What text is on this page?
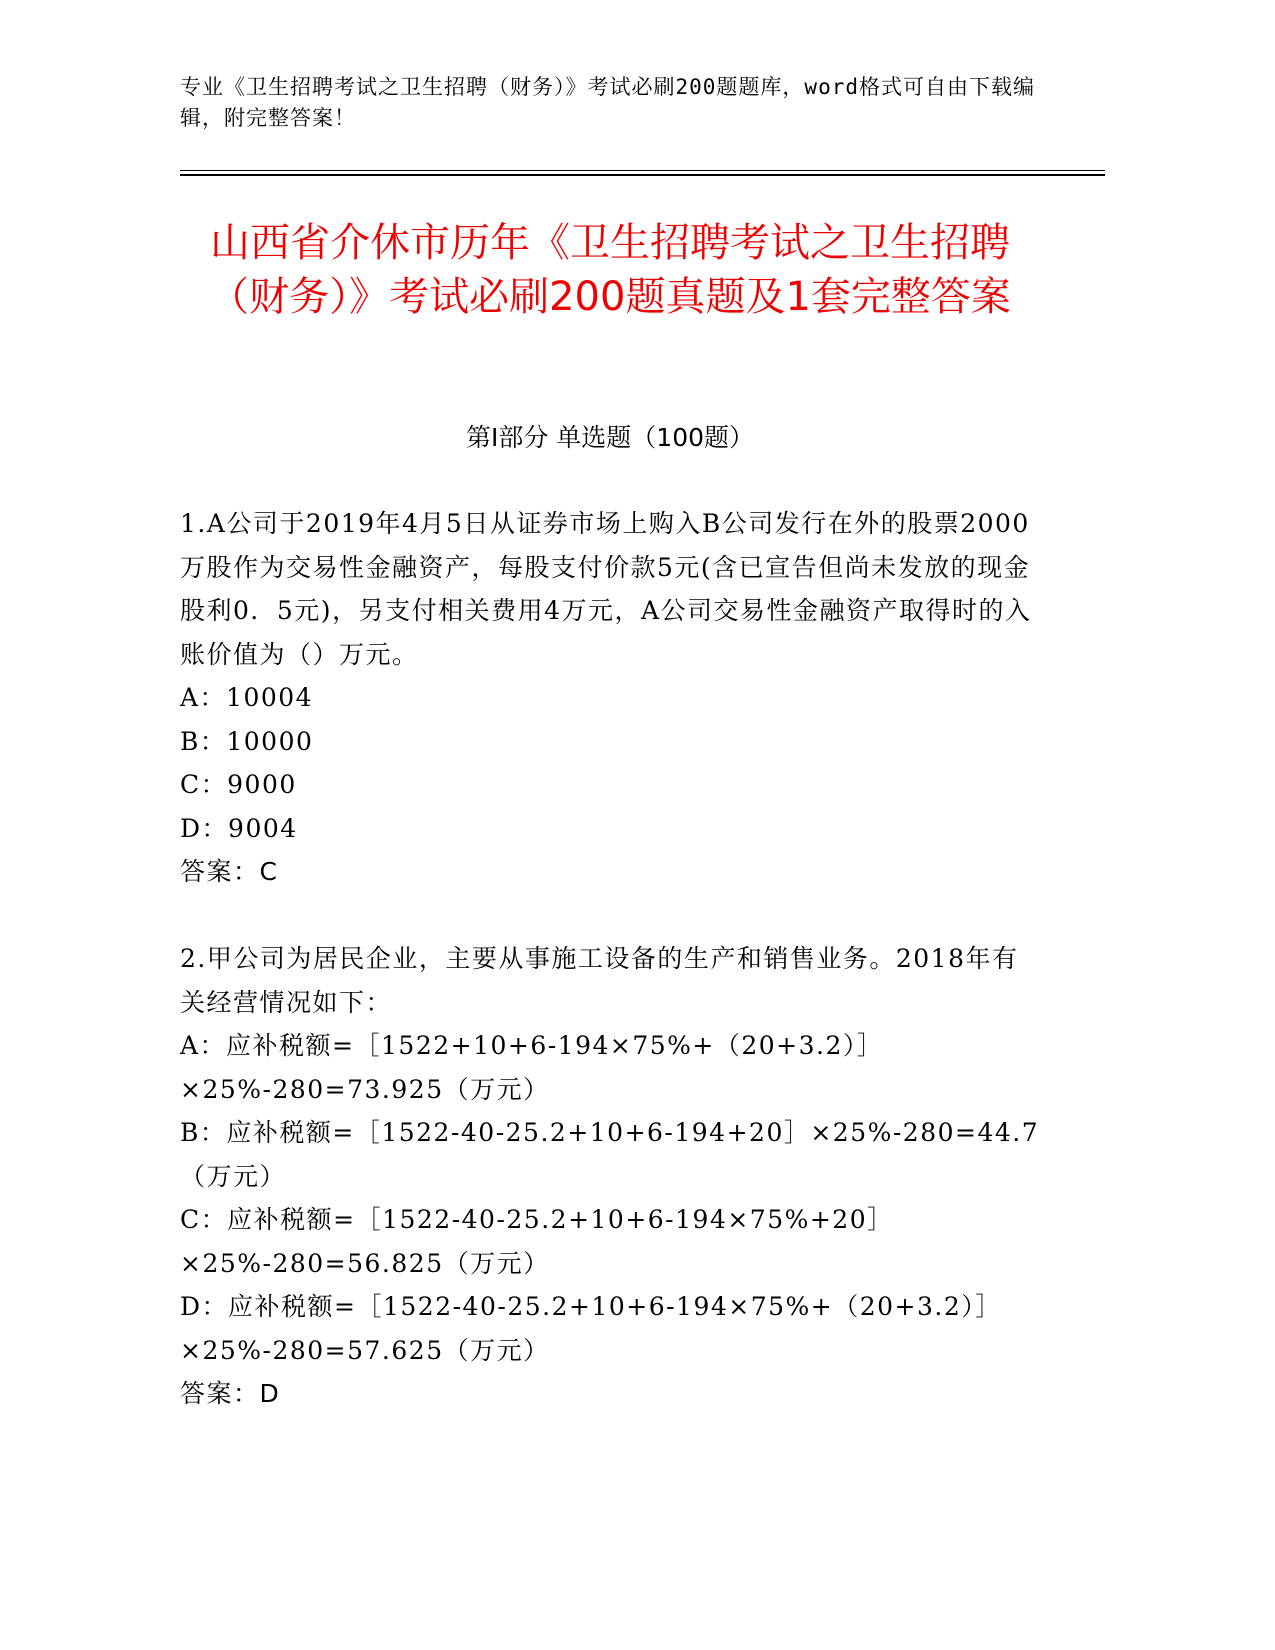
专业《卫生招聘考试之卫生招聘（财务）》考试必刷200题题库，word格式可自由下载编辑，附完整答案！
山西省介休市历年《卫生招聘考试之卫生招聘（财务）》考试必刷200题真题及1套完整答案
第Ⅰ部分 单选题（100题）

1.A公司于2019年4月5日从证券市场上购入B公司发行在外的股票2000万股作为交易性金融资产，每股支付价款5元(含已宣告但尚未发放的现金股利0．5元)，另支付相关费用4万元，A公司交易性金融资产取得时的入账价值为（）万元。

A：10004

B：10000

C：9000

D：9004

答案：C

2.甲公司为居民企业，主要从事施工设备的生产和销售业务。2018年有关经营情况如下：

A：应补税额=［1522+10+6-194×75%+（20+3.2）］×25%-280=73.925（万元）

B：应补税额=［1522-40-25.2+10+6-194+20］×25%-280=44.7（万元）

C：应补税额=［1522-40-25.2+10+6-194×75%+20］×25%-280=56.825（万元）

D：应补税额=［1522-40-25.2+10+6-194×75%+（20+3.2）］×25%-280=57.625（万元）

答案：D
